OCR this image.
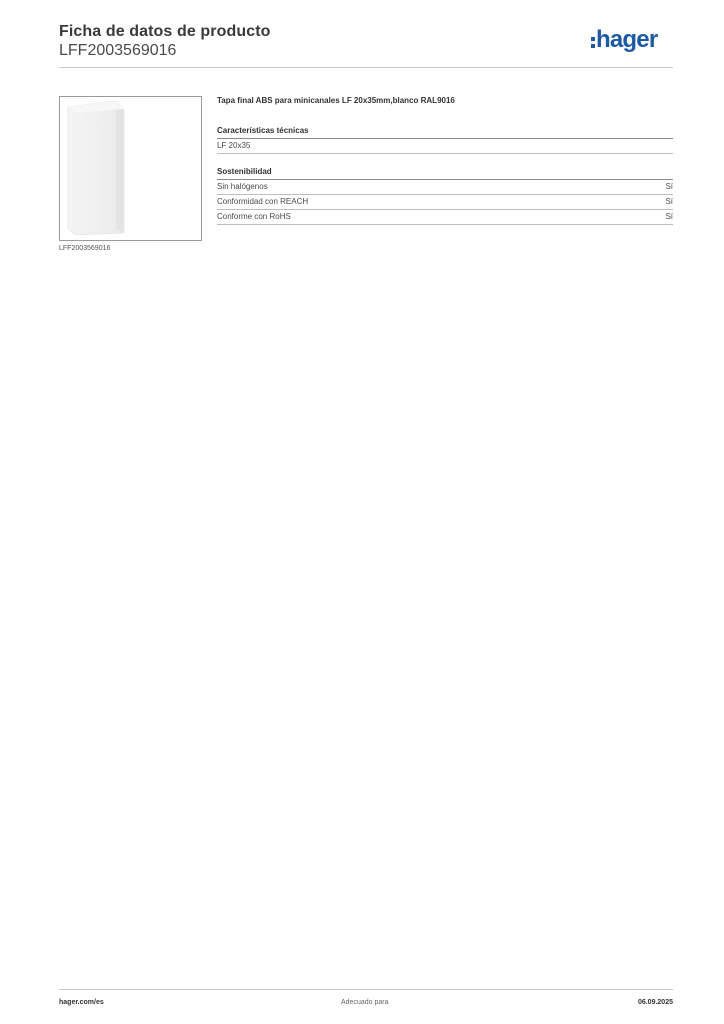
Ficha de datos de producto
LFF2003569016	hager
LFF2003569016
Tapa final ABS para minicanales LF 20x35mm,blanco RAL9016
Características técnicas
LF 20x35
Sostenibilidad
Sin halógenos	Sí
Conformidad con REACH	Sí
Conforme con RoHS	Sí
hager.com/es	Adecuado para	06.09.2025
